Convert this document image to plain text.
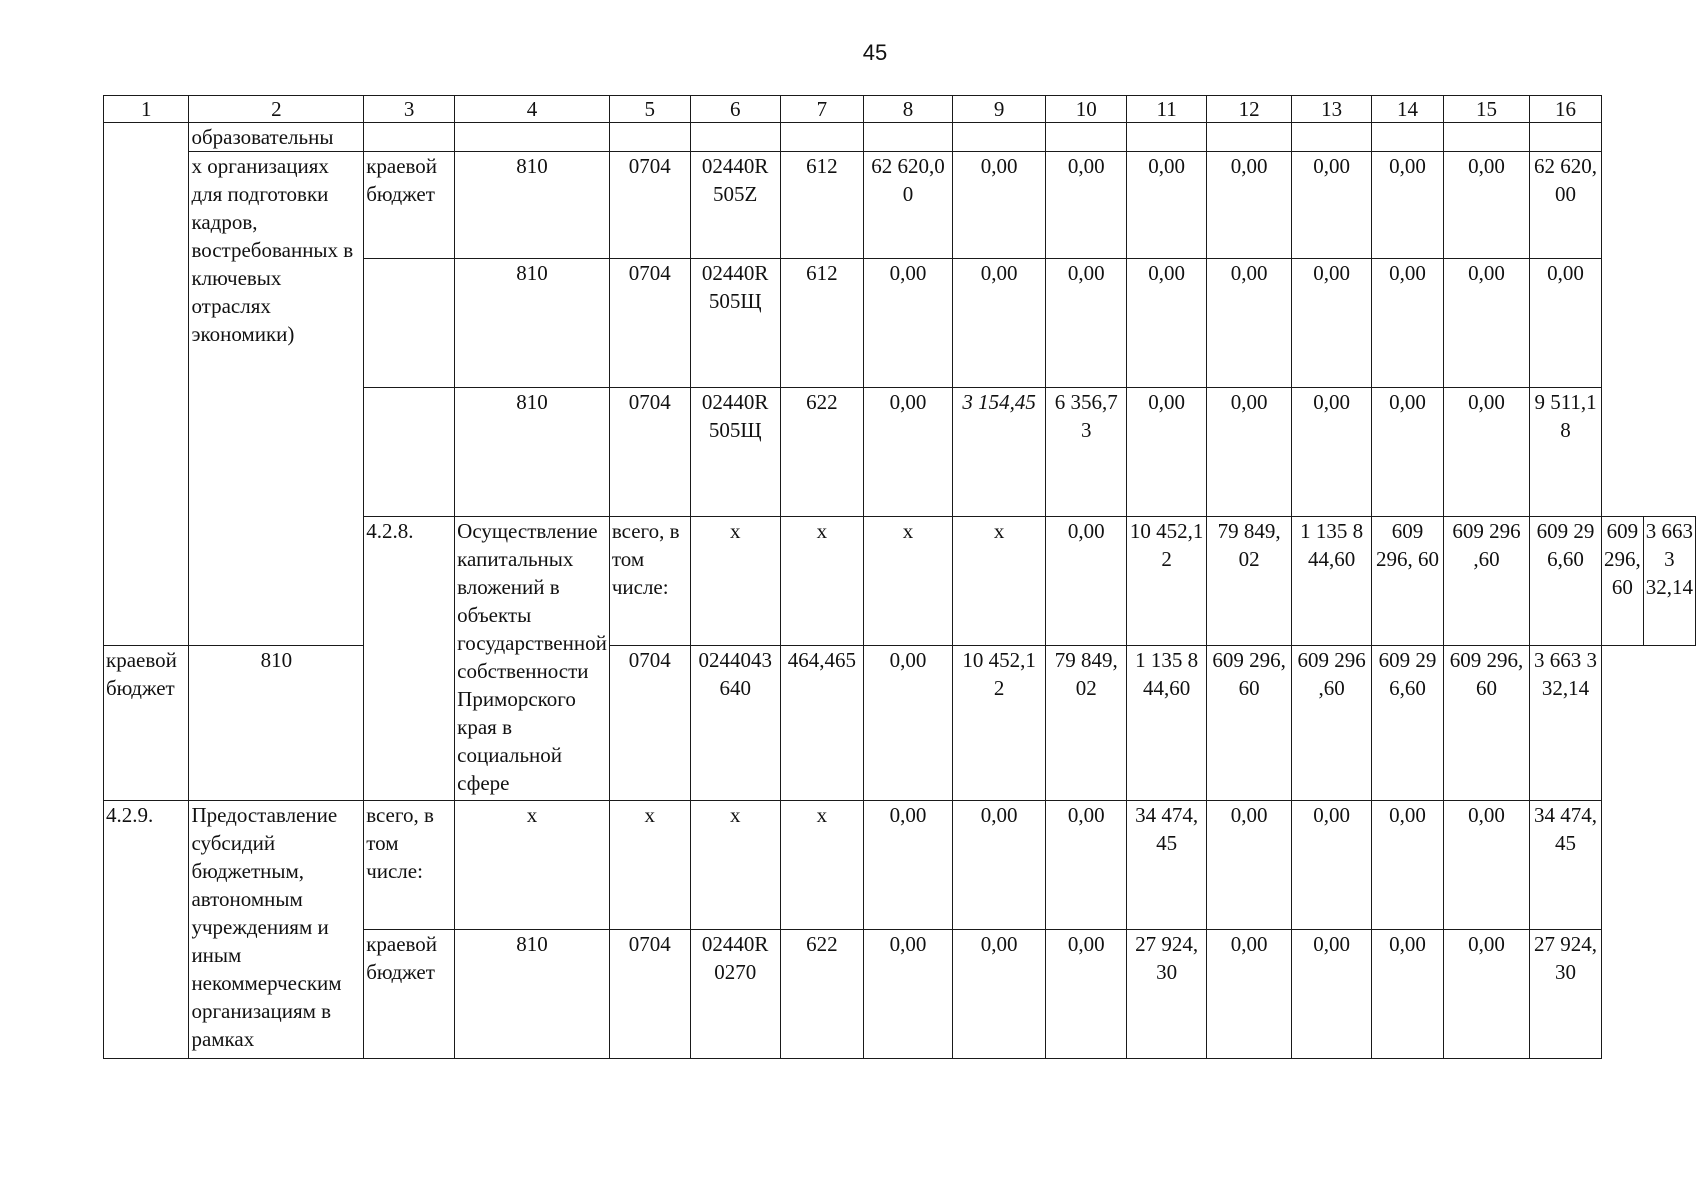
45
1	2	3	4	5	6	7	8	9	10	11	12	13	14	15	16		
	образовательны																
	х организациях для подготовки кадров, востребованных в ключевых отраслях экономики)	краевой бюджет	810	0704	02440R 505Z	612	62 620,0 0	0,00	0,00	0,00	0,00	0,00	0,00	0,00	62 620, 00		
			810	0704	02440R 505Щ	612	0,00	0,00	0,00	0,00	0,00	0,00	0,00	0,00	0,00		
			810	0704	02440R 505Щ	622	0,00	3 154,45	6 356,7 3	0,00	0,00	0,00	0,00	0,00	9 511,1 8		
		4.2.8.	Осуществление капитальных вложений в объекты государственной собственности Приморского края в социальной сфере	всего, в том числе:	х	х	х	х	0,00	10 452,1 2	79 849, 02	1 135 8 44,60	609 296, 60	609 296 ,60	609 29 6,60	609 296, 60	3 663 3 32,14
краевой бюджет	810			0704	0244043 640	464,465	0,00	10 452,1 2	79 849, 02	1 135 8 44,60	609 296, 60	609 296 ,60	609 29 6,60	609 296, 60	3 663 3 32,14		
4.2.9.	Предоставление субсидий бюджетным, автономным учреждениям и иным некоммерческим организациям в рамках	всего, в том числе:	х	х	х	х	0,00	0,00	0,00	34 474, 45	0,00	0,00	0,00	0,00	34 474, 45		
		краевой бюджет	810	0704	02440R 0270	622	0,00	0,00	0,00	27 924, 30	0,00	0,00	0,00	0,00	27 924, 30		
